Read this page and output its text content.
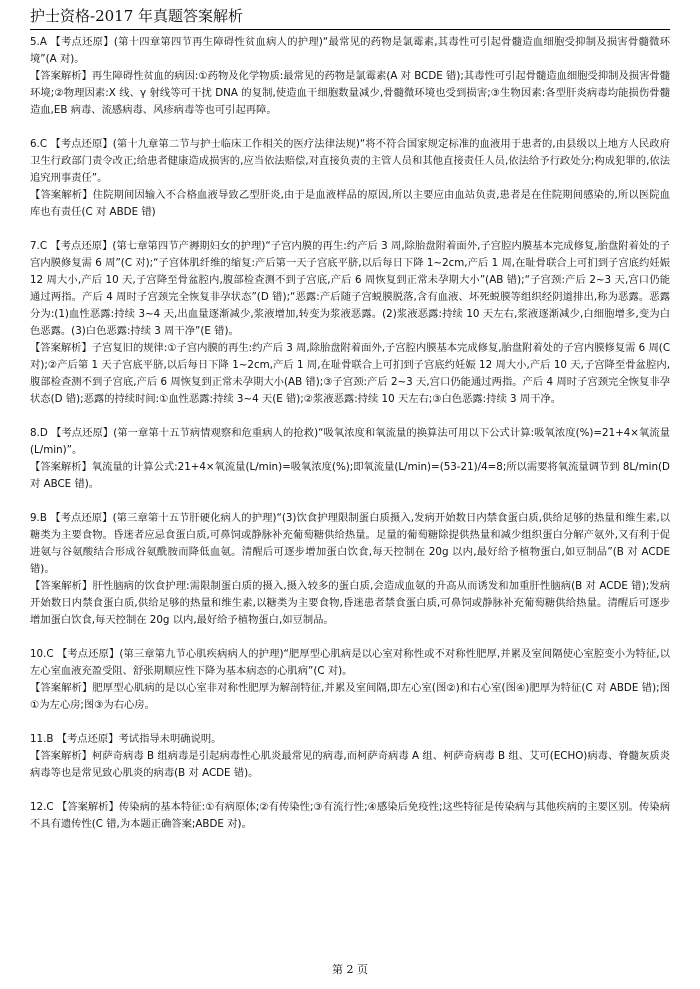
护士资格-2017 年真题答案解析

5.A 【考点还原】(第十四章第四节再生障碍性贫血病人的护理)“最常见的药物是氯霉素,其毒性可引起骨髓造血细胞受抑制及损害骨髓微环境”(A 对)。

【答案解析】再生障碍性贫血的病因:①药物及化学物质:最常见的药物是氯霉素(A 对 BCDE 错);其毒性可引起骨髓造血细胞受抑制及损害骨髓环境;②物理因素:X 线、γ 射线等可干扰 DNA 的复制,使造血干细胞数量减少,骨髓微环境也受到损害;③生物因素:各型肝炎病毒均能损伤骨髓造血,EB 病毒、流感病毒、风疹病毒等也可引起再障。

6.C 【考点还原】(第十九章第二节与护士临床工作相关的医疗法律法规)“将不符合国家规定标准的血液用于患者的,由县级以上地方人民政府卫生行政部门责令改正;给患者健康造成损害的,应当依法赔偿,对直接负责的主管人员和其他直接责任人员,依法给予行政处分;构成犯罪的,依法追究刑事责任”。

【答案解析】住院期间因输入不合格血液导致乙型肝炎,由于是血液样品的原因,所以主要应由血站负责,患者是在住院期间感染的,所以医院血库也有责任(C 对 ABDE 错)

7.C 【考点还原】(第七章第四节产褥期妇女的护理)“子宫内膜的再生:约产后 3 周,除胎盘附着面外,子宫腔内膜基本完成修复,胎盘附着处的子宫内膜修复需 6 周”(C 对);“子宫体肌纤维的缩复:产后第一天子宫底平脐,以后每日下降 1~2cm,产后 1 周,在耻骨联合上可扪到子宫底约妊娠 12 周大小,产后 10 天,子宫降至骨盆腔内,腹部检查测不到子宫底,产后 6 周恢复到正常未孕期大小”(AB 错);“子宫颈:产后 2~3 天,宫口仍能通过两指。产后 4 周时子宫颈完全恢复非孕状态”(D 错);“恶露:产后随子宫蜕膜脱落,含有血液、坏死蜕膜等组织经阴道排出,称为恶露。恶露分为:(1)血性恶露:持续 3~4 天,出血量逐渐减少,浆液增加,转变为浆液恶露。(2)浆液恶露:持续 10 天左右,浆液逐渐减少,白细胞增多,变为白色恶露。(3)白色恶露:持续 3 周干净”(E 错)。

【答案解析】子宫复旧的规律:①子宫内膜的再生:约产后 3 周,除胎盘附着面外,子宫腔内膜基本完成修复,胎盘附着处的子宫内膜修复需 6 周(C 对);②产后第 1 天子宫底平脐,以后每日下降 1~2cm,产后 1 周,在耻骨联合上可扪到子宫底约妊娠 12 周大小,产后 10 天,子宫降至骨盆腔内,腹部检查测不到子宫底,产后 6 周恢复到正常未孕期大小(AB 错);③子宫颈:产后 2~3 天,宫口仍能通过两指。产后 4 周时子宫颈完全恢复非孕状态(D 错);恶露的持续时间:①血性恶露:持续 3~4 天(E 错);②浆液恶露:持续 10 天左右;③白色恶露:持续 3 周干净。

8.D 【考点还原】(第一章第十五节病情观察和危重病人的抢救)“吸氧浓度和氧流量的换算法可用以下公式计算:吸氧浓度(%)=21+4×氧流量(L/min)”。

【答案解析】氧流量的计算公式:21+4×氧流量(L/min)=吸氧浓度(%);即氧流量(L/min)=(53-21)/4=8;所以需要将氧流量调节到 8L/min(D 对 ABCE 错)。

9.B 【考点还原】(第三章第十五节肝硬化病人的护理)“(3)饮食护理限制蛋白质摄入,发病开始数日内禁食蛋白质,供给足够的热量和维生素,以糖类为主要食物。昏迷者应忌食蛋白质,可鼻饲或静脉补充葡萄糖供给热量。足量的葡萄糖除提供热量和减少组织蛋白分解产氨外,又有利于促进氨与谷氨酸结合形成谷氨酰胺而降低血氨。清醒后可逐步增加蛋白饮食,每天控制在 20g 以内,最好给予植物蛋白,如豆制品”(B 对 ACDE 错)。

【答案解析】肝性脑病的饮食护理:需限制蛋白质的摄入,摄入较多的蛋白质,会造成血氨的升高从而诱发和加重肝性脑病(B 对 ACDE 错);发病开始数日内禁食蛋白质,供给足够的热量和维生素,以糖类为主要食物,昏迷患者禁食蛋白质,可鼻饲或静脉补充葡萄糖供给热量。清醒后可逐步增加蛋白饮食,每天控制在 20g 以内,最好给予植物蛋白,如豆制品。

10.C 【考点还原】(第三章第九节心肌疾病病人的护理)“肥厚型心肌病是以心室对称性或不对称性肥厚,并累及室间隔使心室腔变小为特征,以左心室血液充盈受阻、舒张期顺应性下降为基本病态的心肌病”(C 对)。

【答案解析】肥厚型心肌病的是以心室非对称性肥厚为解剖特征,并累及室间隔,即左心室(图②)和右心室(图④)肥厚为特征(C 对 ABDE 错);图①为左心房;图③为右心房。

11.B 【考点还原】考试指导未明确说明。

【答案解析】柯萨奇病毒 B 组病毒是引起病毒性心肌炎最常见的病毒,而柯萨奇病毒 A 组、柯萨奇病毒 B 组、艾可(ECHO)病毒、脊髓灰质炎病毒等也是常见致心肌炎的病毒(B 对 ACDE 错)。

12.C 【答案解析】传染病的基本特征:①有病原体;②有传染性;③有流行性;④感染后免疫性;这些特征是传染病与其他疾病的主要区别。传染病不具有遗传性(C 错,为本题正确答案;ABDE 对)。

第 2 页
